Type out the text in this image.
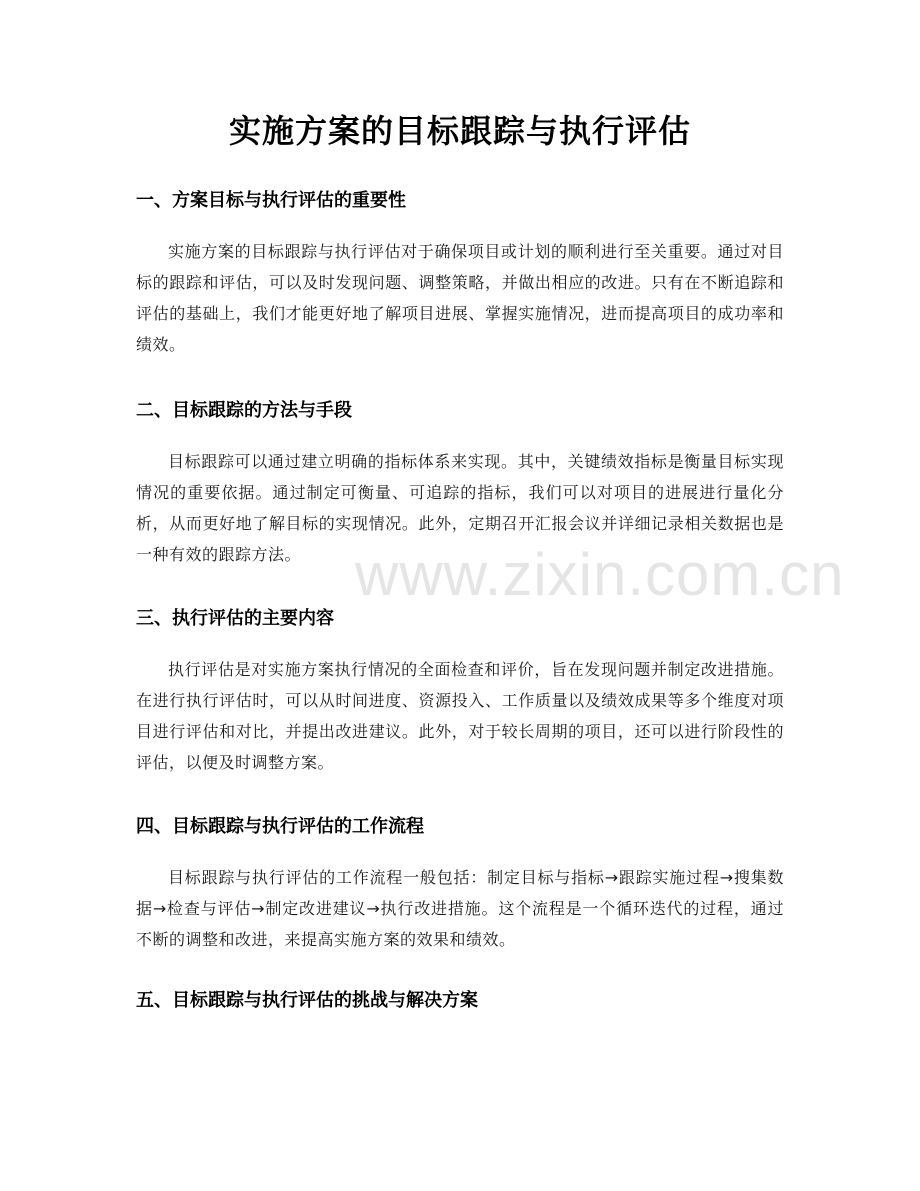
实施方案的目标跟踪与执行评估
一、方案目标与执行评估的重要性

实施方案的目标跟踪与执行评估对于确保项目或计划的顺利进行至关重要。通过对目标的跟踪和评估，可以及时发现问题、调整策略，并做出相应的改进。只有在不断追踪和评估的基础上，我们才能更好地了解项目进展、掌握实施情况，进而提高项目的成功率和绩效。

二、目标跟踪的方法与手段

目标跟踪可以通过建立明确的指标体系来实现。其中，关键绩效指标是衡量目标实现情况的重要依据。通过制定可衡量、可追踪的指标，我们可以对项目的进展进行量化分析，从而更好地了解目标的实现情况。此外，定期召开汇报会议并详细记录相关数据也是一种有效的跟踪方法。

三、执行评估的主要内容

执行评估是对实施方案执行情况的全面检查和评价，旨在发现问题并制定改进措施。在进行执行评估时，可以从时间进度、资源投入、工作质量以及绩效成果等多个维度对项目进行评估和对比，并提出改进建议。此外，对于较长周期的项目，还可以进行阶段性的评估，以便及时调整方案。

四、目标跟踪与执行评估的工作流程

目标跟踪与执行评估的工作流程一般包括：制定目标与指标→跟踪实施过程→搜集数据→检查与评估→制定改进建议→执行改进措施。这个流程是一个循环迭代的过程，通过不断的调整和改进，来提高实施方案的效果和绩效。

五、目标跟踪与执行评估的挑战与解决方案
www.zixin.com.cn
